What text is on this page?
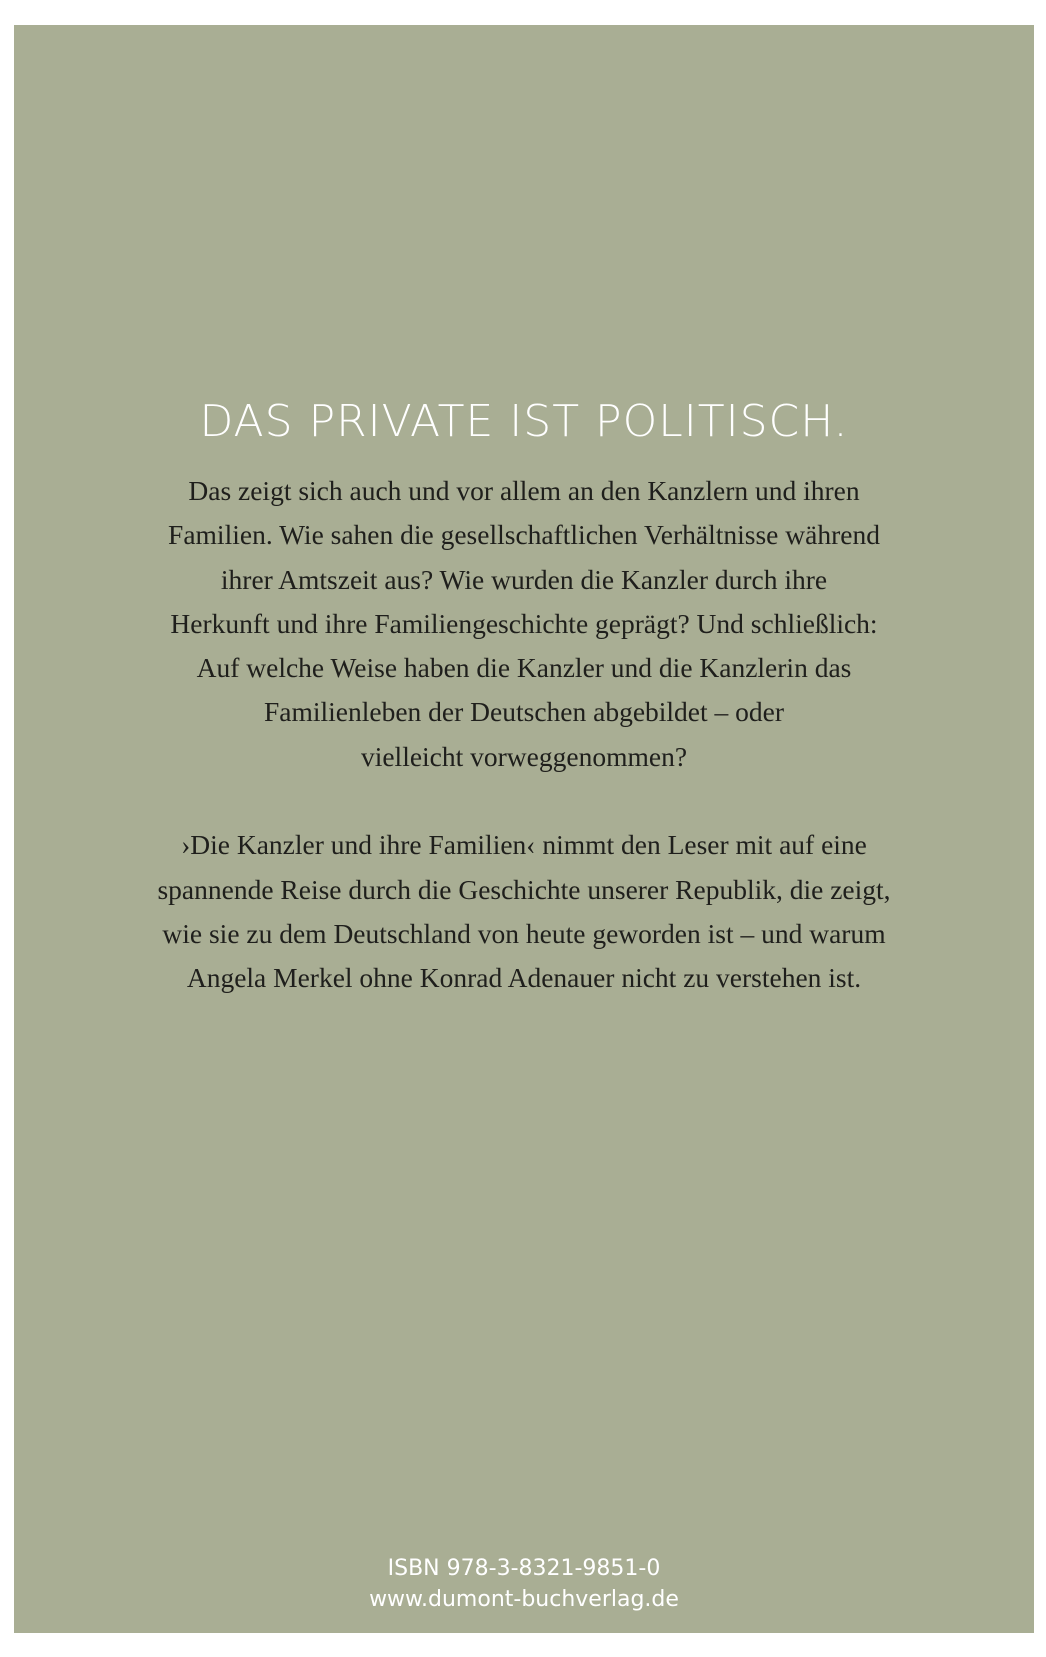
DAS PRIVATE IST POLITISCH.

Das zeigt sich auch und vor allem an den Kanzlern und ihren
Familien. Wie sahen die gesellschaftlichen Verhältnisse während
ihrer Amtszeit aus? Wie wurden die Kanzler durch ihre
Herkunft und ihre Familiengeschichte geprägt? Und schließlich:
Auf welche Weise haben die Kanzler und die Kanzlerin das
Familienleben der Deutschen abgebildet – oder
vielleicht vorweggenommen?

›Die Kanzler und ihre Familien‹ nimmt den Leser mit auf eine
spannende Reise durch die Geschichte unserer Republik, die zeigt,
wie sie zu dem Deutschland von heute geworden ist – und warum
Angela Merkel ohne Konrad Adenauer nicht zu verstehen ist.

ISBN 978-3-8321-9851-0
www.dumont-buchverlag.de
